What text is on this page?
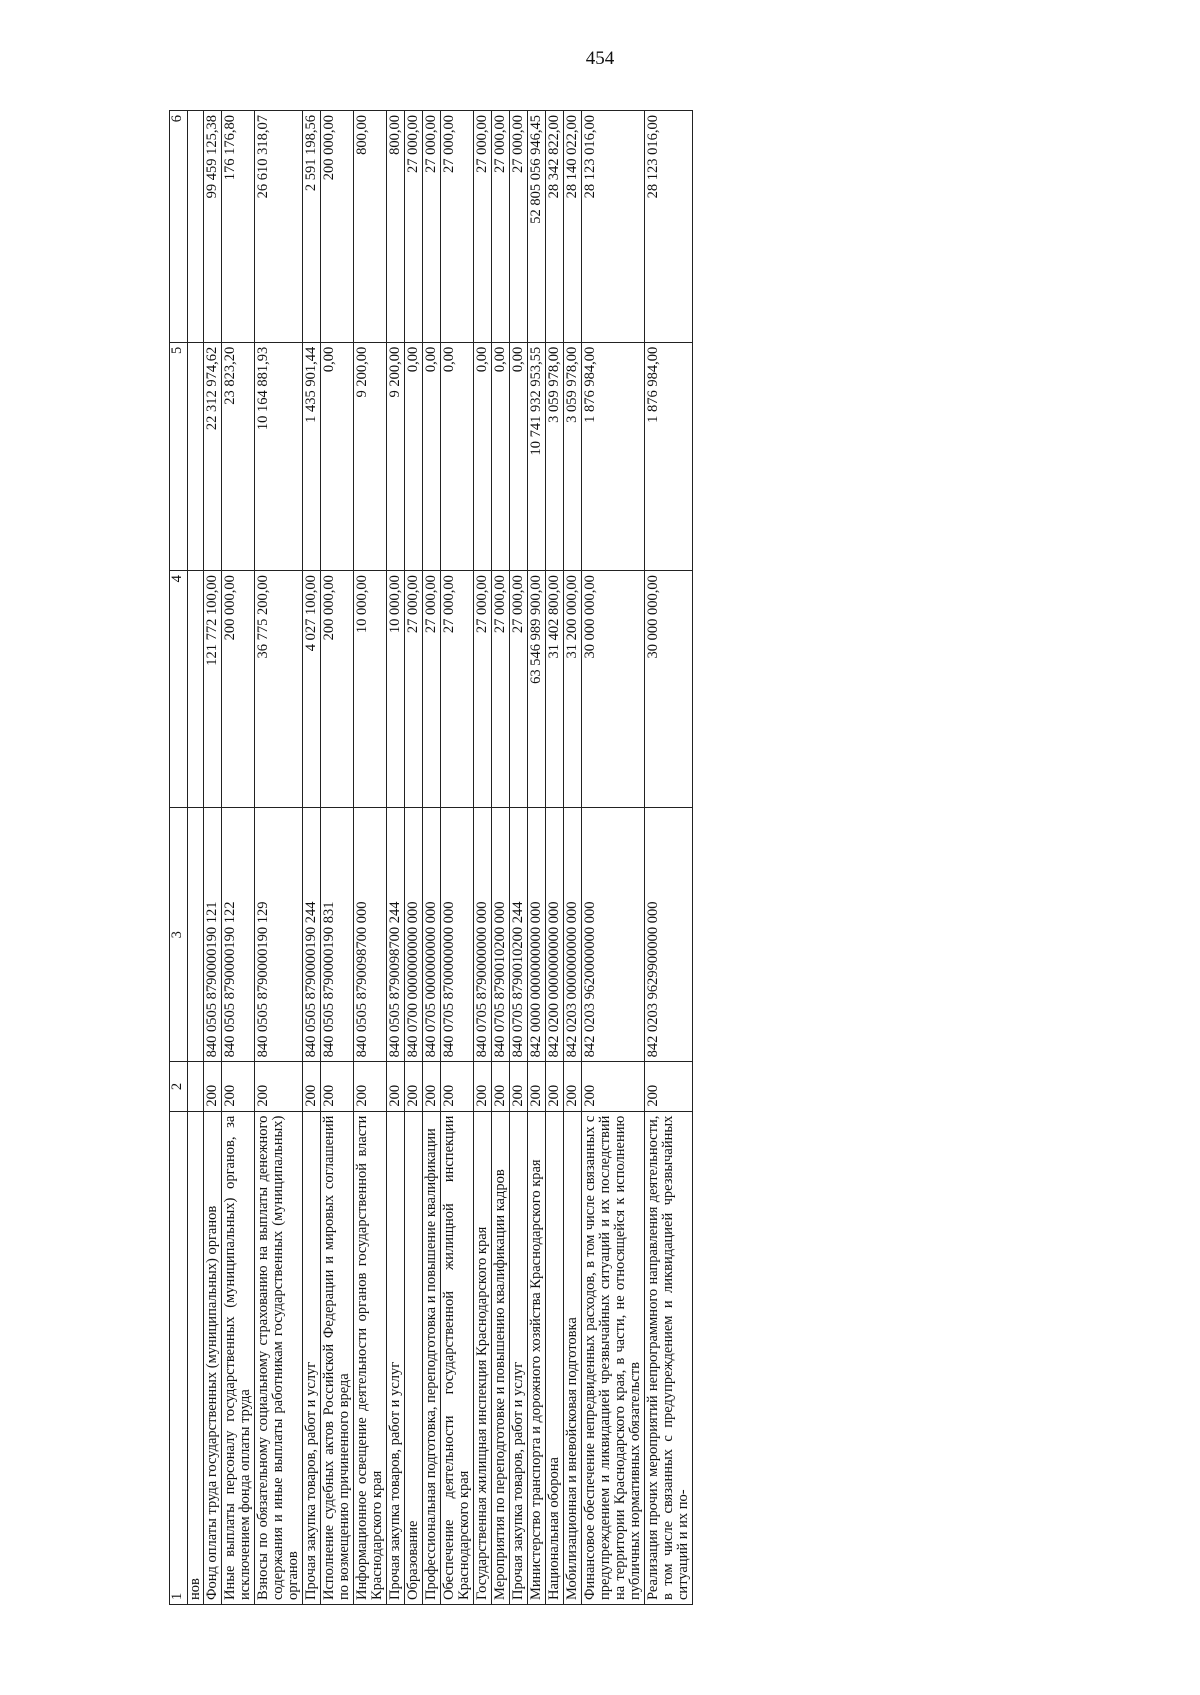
454
1	2	3	4	5	6
нов					
Фонд оплаты труда государственных (муниципальных) органов	200	840 0505 8790000190 121	121 772 100,00	22 312 974,62	99 459 125,38
Иные выплаты персоналу государственных (муниципальных) органов, за исключением фонда оплаты труда	200	840 0505 8790000190 122	200 000,00	23 823,20	176 176,80
Взносы по обязательному социальному страхованию на выплаты денежного содержания и иные выплаты работникам государственных (муниципальных) органов	200	840 0505 8790000190 129	36 775 200,00	10 164 881,93	26 610 318,07
Прочая закупка товаров, работ и услуг	200	840 0505 8790000190 244	4 027 100,00	1 435 901,44	2 591 198,56
Исполнение судебных актов Российской Федерации и мировых соглашений по возмещению причиненного вреда	200	840 0505 8790000190 831	200 000,00	0,00	200 000,00
Информационное освещение деятельности органов государственной власти Краснодарского края	200	840 0505 8790098700 000	10 000,00	9 200,00	800,00
Прочая закупка товаров, работ и услуг	200	840 0505 8790098700 244	10 000,00	9 200,00	800,00
Образование	200	840 0700 0000000000 000	27 000,00	0,00	27 000,00
Профессиональная подготовка, переподготовка и повышение квалификации	200	840 0705 0000000000 000	27 000,00	0,00	27 000,00
Обеспечение деятельности государственной жилищной инспекции Краснодарского края	200	840 0705 8700000000 000	27 000,00	0,00	27 000,00
Государственная жилищная инспекция Краснодарского края	200	840 0705 8790000000 000	27 000,00	0,00	27 000,00
Мероприятия по переподготовке и повышению квалификации кадров	200	840 0705 8790010200 000	27 000,00	0,00	27 000,00
Прочая закупка товаров, работ и услуг	200	840 0705 8790010200 244	27 000,00	0,00	27 000,00
Министерство транспорта и дорожного хозяйства Краснодарского края	200	842 0000 0000000000 000	63 546 989 900,00	10 741 932 953,55	52 805 056 946,45
Национальная оборона	200	842 0200 0000000000 000	31 402 800,00	3 059 978,00	28 342 822,00
Мобилизационная и вневойсковая подготовка	200	842 0203 0000000000 000	31 200 000,00	3 059 978,00	28 140 022,00
Финансовое обеспечение непредвиденных расходов, в том числе связанных с предупреждением и ликвидацией чрезвычайных ситуаций и их последствий на территории Краснодарского края, в части, не относящейся к исполнению публичных нормативных обязательств	200	842 0203 9620000000 000	30 000 000,00	1 876 984,00	28 123 016,00
Реализация прочих мероприятий непрограммного направления деятельности, в том числе связанных с предупреждением и ликвидацией чрезвычайных ситуаций и их по-	200	842 0203 9629900000 000	30 000 000,00	1 876 984,00	28 123 016,00
